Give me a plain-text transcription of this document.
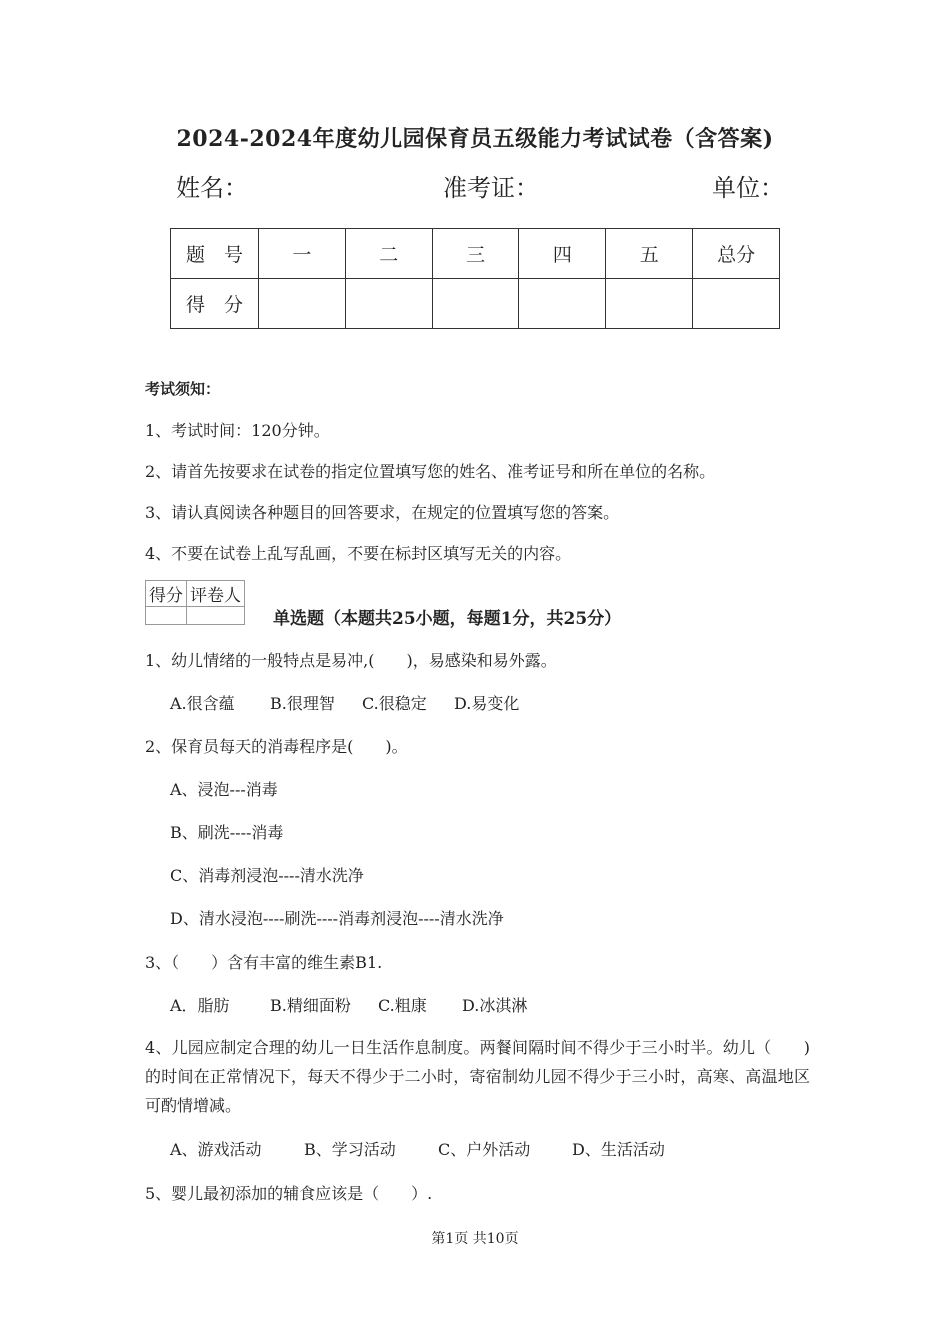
2024-2024年度幼儿园保育员五级能力考试试卷（含答案)
姓名：	准考证：	单位：
题　号	一	二	三	四	五	总分
得　分						
考试须知：
1、考试时间：120分钟。
2、请首先按要求在试卷的指定位置填写您的姓名、准考证号和所在单位的名称。
3、请认真阅读各种题目的回答要求，在规定的位置填写您的答案。
4、不要在试卷上乱写乱画，不要在标封区填写无关的内容。
得分	评卷人

单选题（本题共25小题，每题1分，共25分）
1、幼儿情绪的一般特点是易冲,(　　)，易感染和易外露。
A.很含蕴 B.很理智 C.很稳定 D.易变化
2、保育员每天的消毒程序是(　　)。
A、浸泡---消毒
B、刷洗----消毒
C、消毒剂浸泡----清水洗净
D、清水浸泡----刷洗----消毒剂浸泡----清水洗净
3、（　　）含有丰富的维生素B1.
A．脂肪	B.精细面粉 C.粗康 D.冰淇淋
4、儿园应制定合理的幼儿一日生活作息制度。两餐间隔时间不得少于三小时半。幼儿（　　)的时间在正常情况下，每天不得少于二小时，寄宿制幼儿园不得少于三小时，高寒、高温地区可酌情增减。
A、游戏活动	B、学习活动	C、户外活动	D、生活活动
5、婴儿最初添加的辅食应该是（　　）.
第1页 共10页
